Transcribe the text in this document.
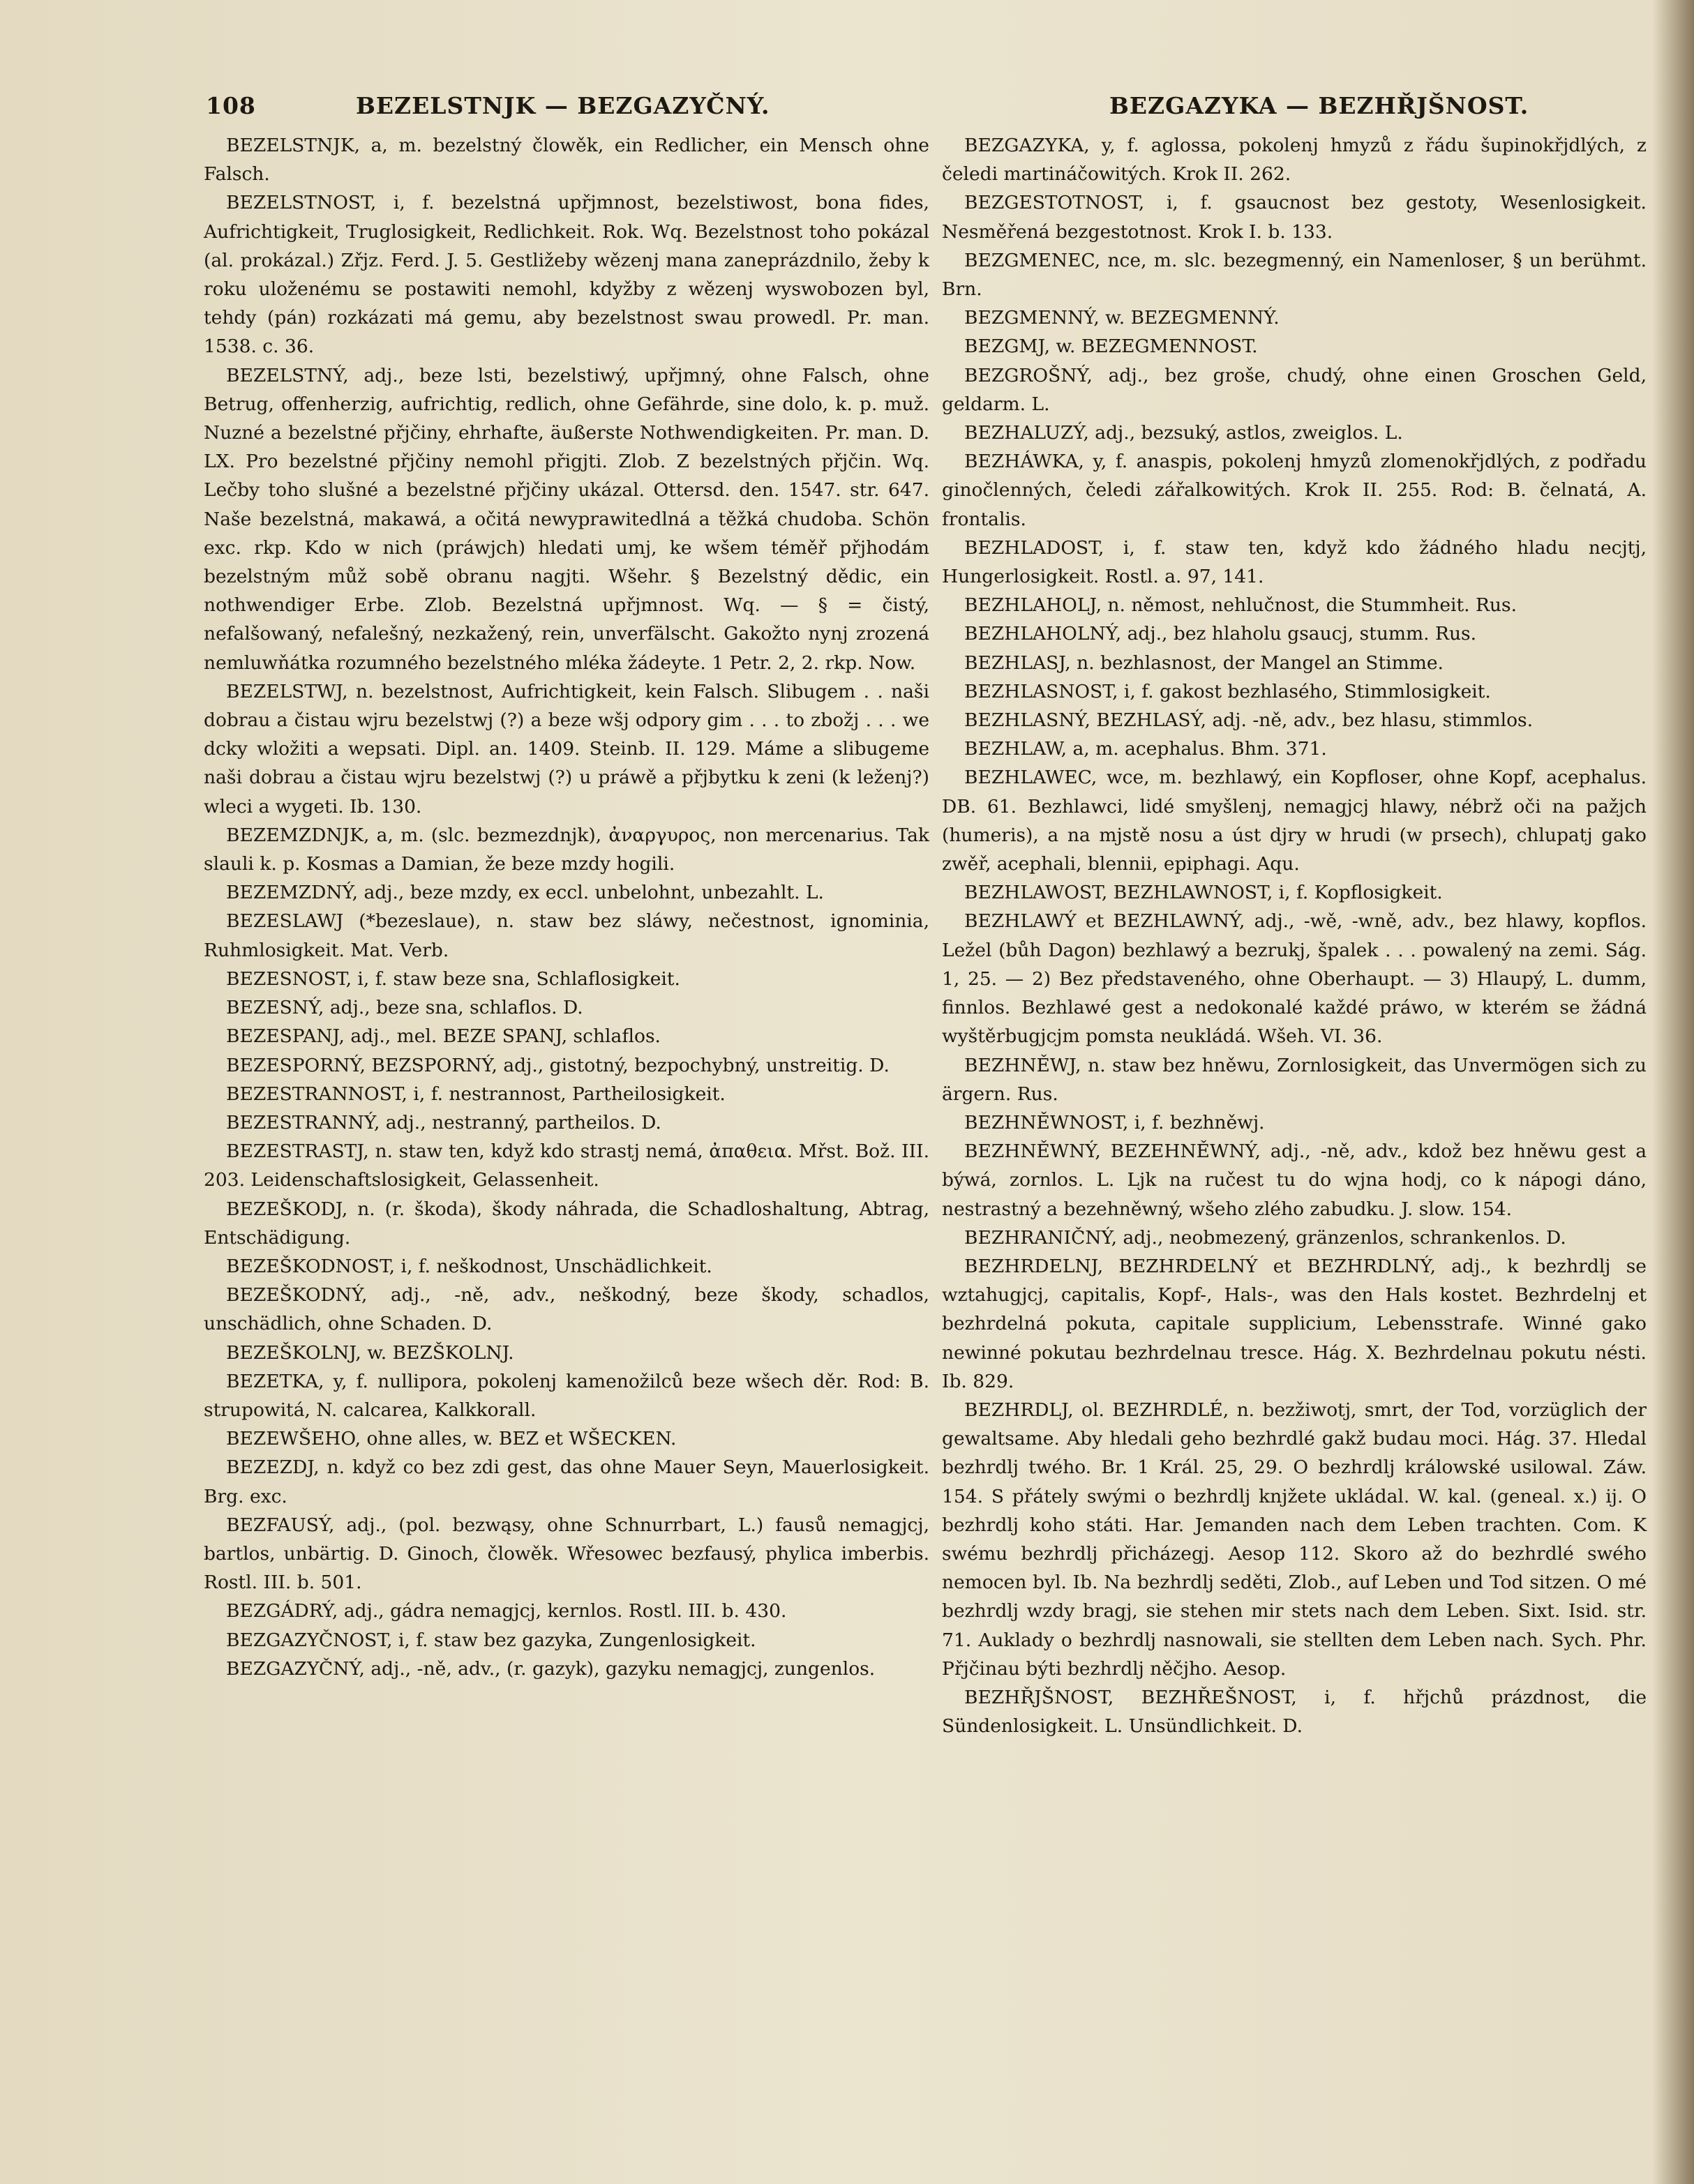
108	BEZELSTNJK — BEZGAZYČNÝ.	BEZGAZYKA — BEZHŘJŠNOST.

BEZELSTNJK, a, m. bezelstný člowěk, ein Redlicher, ein Mensch ohne Falsch.

BEZELSTNOST, i, f. bezelstná upřjmnost, bezelstiwost, bona fides, Aufrichtigkeit, Truglosigkeit, Redlichkeit. Rok. Wq. Bezelstnost toho pokázal (al. prokázal.) Zřjz. Ferd. J. 5. Gestližeby wězenj mana zaneprázdnilo, žeby k roku uloženému se postawiti nemohl, kdyžby z wězenj wyswobozen byl, tehdy (pán) rozkázati má gemu, aby bezelstnost swau prowedl. Pr. man. 1538. c. 36.

BEZELSTNÝ, adj., beze lsti, bezelstiwý, upřjmný, ohne Falsch, ohne Betrug, offenherzig, aufrichtig, redlich, ohne Gefährde, sine dolo, k. p. muž. Nuzné a bezelstné přjčiny, ehrhafte, äußerste Nothwendigkeiten. Pr. man. D. LX. Pro bezelstné přjčiny nemohl přigjti. Zlob. Z bezelstných přjčin. Wq. Lečby toho slušné a bezelstné přjčiny ukázal. Ottersd. den. 1547. str. 647. Naše bezelstná, makawá, a očitá newyprawitedlná a těžká chudoba. Schön exc. rkp. Kdo w nich (práwjch) hledati umj, ke wšem téměř přjhodám bezelstným můž sobě obranu nagjti. Wšehr. § Bezelstný dědic, ein nothwendiger Erbe. Zlob. Bezelstná upřjmnost. Wq. — § = čistý, nefalšowaný, nefalešný, nezkažený, rein, unverfälscht. Gakožto nynj zrozená nemluwňátka rozumného bezelstného mléka žádeyte. 1 Petr. 2, 2. rkp. Now.

BEZELSTWJ, n. bezelstnost, Aufrichtigkeit, kein Falsch. Slibugem . . naši dobrau a čistau wjru bezelstwj (?) a beze wšj odpory gim . . . to zbožj . . . we dcky wložiti a wepsati. Dipl. an. 1409. Steinb. II. 129. Máme a slibugeme naši dobrau a čistau wjru bezelstwj (?) u práwě a přjbytku k zeni (k leženj?) wleci a wygeti. Ib. 130.

BEZEMZDNJK, a, m. (slc. bezmezdnjk), ἀναργυρος, non mercenarius. Tak slauli k. p. Kosmas a Damian, že beze mzdy hogili.

BEZEMZDNÝ, adj., beze mzdy, ex eccl. unbelohnt, unbezahlt. L.

BEZESLAWJ (*bezeslaue), n. staw bez sláwy, nečestnost, ignominia, Ruhmlosigkeit. Mat. Verb.

BEZESNOST, i, f. staw beze sna, Schlaflosigkeit.

BEZESNÝ, adj., beze sna, schlaflos. D.

BEZESPANJ, adj., mel. BEZE SPANJ, schlaflos.

BEZESPORNÝ, BEZSPORNÝ, adj., gistotný, bezpochybný, unstreitig. D.

BEZESTRANNOST, i, f. nestrannost, Partheilosigkeit.

BEZESTRANNÝ, adj., nestranný, partheilos. D.

BEZESTRASTJ, n. staw ten, když kdo strastj nemá, ἀπαθεια. Mřst. Bož. III. 203. Leidenschaftslosigkeit, Gelassenheit.

BEZEŠKODJ, n. (r. škoda), škody náhrada, die Schadloshaltung, Abtrag, Entschädigung.

BEZEŠKODNOST, i, f. neškodnost, Unschädlichkeit.

BEZEŠKODNÝ, adj., -ně, adv., neškodný, beze škody, schadlos, unschädlich, ohne Schaden. D.

BEZEŠKOLNJ, w. BEZŠKOLNJ.

BEZETKA, y, f. nullipora, pokolenj kamenožilců beze wšech děr. Rod: B. strupowitá, N. calcarea, Kalkkorall.

BEZEWŠEHO, ohne alles, w. BEZ et WŠECKEN.

BEZEZDJ, n. když co bez zdi gest, das ohne Mauer Seyn, Mauerlosigkeit. Brg. exc.

BEZFAUSÝ, adj., (pol. bezwąsy, ohne Schnurrbart, L.) fausů nemagjcj, bartlos, unbärtig. D. Ginoch, člowěk. Wřesowec bezfausý, phylica imberbis. Rostl. III. b. 501.

BEZGÁDRÝ, adj., gádra nemagjcj, kernlos. Rostl. III. b. 430.

BEZGAZYČNOST, i, f. staw bez gazyka, Zungenlosigkeit.

BEZGAZYČNÝ, adj., -ně, adv., (r. gazyk), gazyku nemagjcj, zungenlos.

BEZGAZYKA, y, f. aglossa, pokolenj hmyzů z řádu šupinokřjdlých, z čeledi martináčowitých. Krok II. 262.

BEZGESTOTNOST, i, f. gsaucnost bez gestoty, Wesenlosigkeit. Nesměřená bezgestotnost. Krok I. b. 133.

BEZGMENEC, nce, m. slc. bezegmenný, ein Namenloser, § un berühmt. Brn.

BEZGMENNÝ, w. BEZEGMENNÝ.

BEZGMJ, w. BEZEGMENNOST.

BEZGROŠNÝ, adj., bez groše, chudý, ohne einen Groschen Geld, geldarm. L.

BEZHALUZÝ, adj., bezsuký, astlos, zweiglos. L.

BEZHÁWKA, y, f. anaspis, pokolenj hmyzů zlomenokřjdlých, z podřadu ginočlenných, čeledi zářalkowitých. Krok II. 255. Rod: B. čelnatá, A. frontalis.

BEZHLADOST, i, f. staw ten, když kdo žádného hladu necjtj, Hungerlosigkeit. Rostl. a. 97, 141.

BEZHLAHOLJ, n. němost, nehlučnost, die Stummheit. Rus.

BEZHLAHOLNÝ, adj., bez hlaholu gsaucj, stumm. Rus.

BEZHLASJ, n. bezhlasnost, der Mangel an Stimme.

BEZHLASNOST, i, f. gakost bezhlasého, Stimmlosigkeit.

BEZHLASNÝ, BEZHLASÝ, adj. -ně, adv., bez hlasu, stimmlos.

BEZHLAW, a, m. acephalus. Bhm. 371.

BEZHLAWEC, wce, m. bezhlawý, ein Kopfloser, ohne Kopf, acephalus. DB. 61. Bezhlawci, lidé smyšlenj, nemagjcj hlawy, nébrž oči na pažjch (humeris), a na mjstě nosu a úst djry w hrudi (w prsech), chlupatj gako zwěř, acephali, blennii, epiphagi. Aqu.

BEZHLAWOST, BEZHLAWNOST, i, f. Kopflosigkeit.

BEZHLAWÝ et BEZHLAWNÝ, adj., -wě, -wně, adv., bez hlawy, kopflos. Ležel (bůh Dagon) bezhlawý a bezrukj, špalek . . . powalený na zemi. Ság. 1, 25. — 2) Bez představeného, ohne Oberhaupt. — 3) Hlaupý, L. dumm, finnlos. Bezhlawé gest a nedokonalé každé práwo, w kterém se žádná wyštěrbugjcjm pomsta neukládá. Wšeh. VI. 36.

BEZHNĚWJ, n. staw bez hněwu, Zornlosigkeit, das Unvermögen sich zu ärgern. Rus.

BEZHNĚWNOST, i, f. bezhněwj.

BEZHNĚWNÝ, BEZEHNĚWNÝ, adj., -ně, adv., kdož bez hněwu gest a býwá, zornlos. L. Ljk na ručest tu do wjna hodj, co k nápogi dáno, nestrastný a bezehněwný, wšeho zlého zabudku. J. slow. 154.

BEZHRANIČNÝ, adj., neobmezený, gränzenlos, schrankenlos. D.

BEZHRDELNJ, BEZHRDELNÝ et BEZHRDLNÝ, adj., k bezhrdlj se wztahugjcj, capitalis, Kopf-, Hals-, was den Hals kostet. Bezhrdelnj et bezhrdelná pokuta, capitale supplicium, Lebensstrafe. Winné gako newinné pokutau bezhrdelnau tresce. Hág. X. Bezhrdelnau pokutu nésti. Ib. 829.

BEZHRDLJ, ol. BEZHRDLÉ, n. bezžiwotj, smrt, der Tod, vorzüglich der gewaltsame. Aby hledali geho bezhrdlé gakž budau moci. Hág. 37. Hledal bezhrdlj twého. Br. 1 Král. 25, 29. O bezhrdlj králowské usilowal. Záw. 154. S přátely swými o bezhrdlj knjžete ukládal. W. kal. (geneal. x.) ij. O bezhrdlj koho státi. Har. Jemanden nach dem Leben trachten. Com. K swému bezhrdlj přicházegj. Aesop 112. Skoro až do bezhrdlé swého nemocen byl. Ib. Na bezhrdlj seděti, Zlob., auf Leben und Tod sitzen. O mé bezhrdlj wzdy bragj, sie stehen mir stets nach dem Leben. Sixt. Isid. str. 71. Auklady o bezhrdlj nasnowali, sie stellten dem Leben nach. Sych. Phr. Přjčinau býti bezhrdlj něčjho. Aesop.

BEZHŘJŠNOST, BEZHŘEŠNOST, i, f. hřjchů prázdnost, die Sündenlosigkeit. L. Unsündlichkeit. D.
